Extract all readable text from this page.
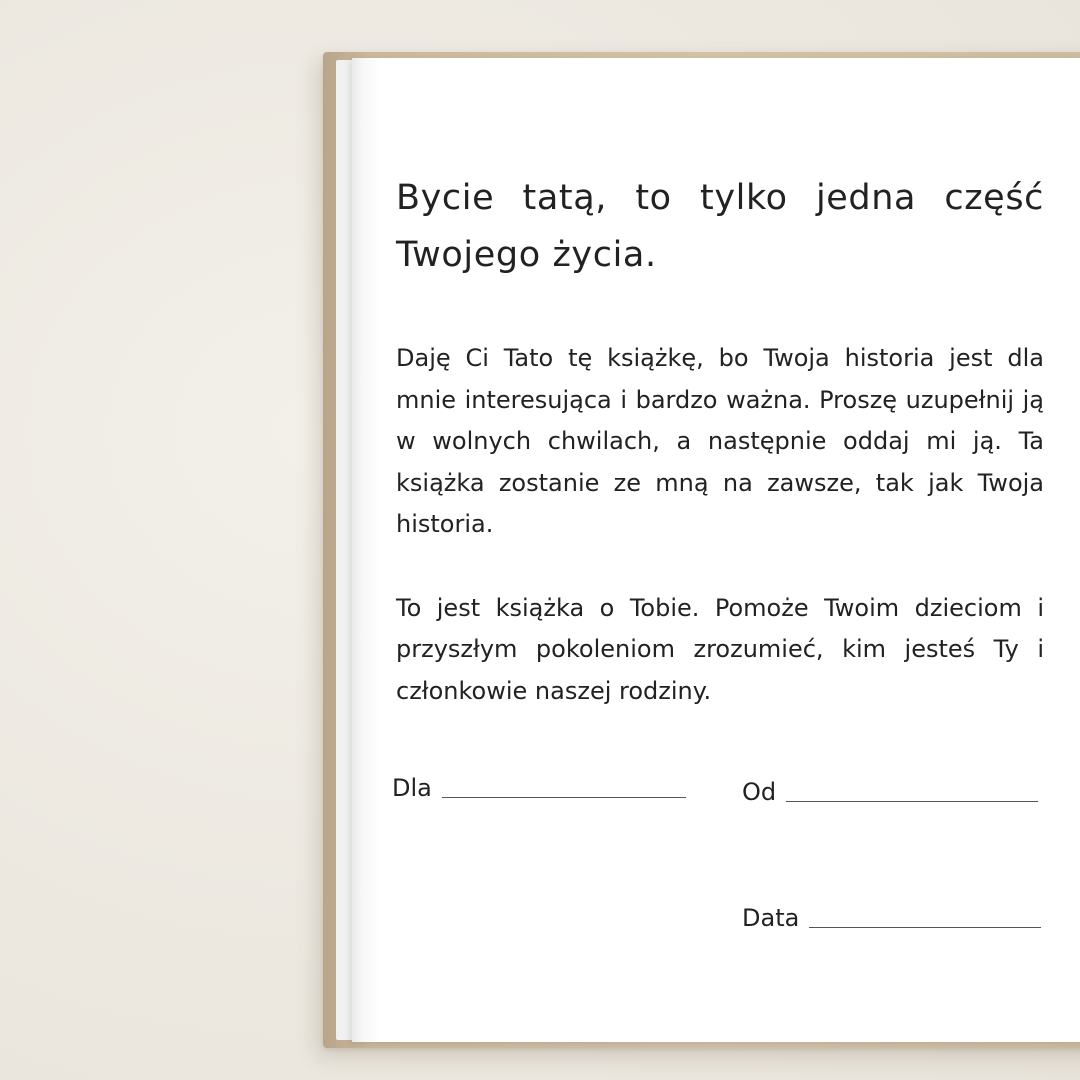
Bycie tatą, to tylko jedna część Twojego życia.

Daję Ci Tato tę książkę, bo Twoja historia jest dla mnie interesująca i bardzo ważna. Proszę uzupełnij ją w wolnych chwilach, a następnie oddaj mi ją. Ta książka zostanie ze mną na zawsze, tak jak Twoja historia.

To jest książka o Tobie. Pomoże Twoim dzieciom i przyszłym pokoleniom zrozumieć, kim jesteś Ty i członkowie naszej rodziny.

Dla	Od
Data
